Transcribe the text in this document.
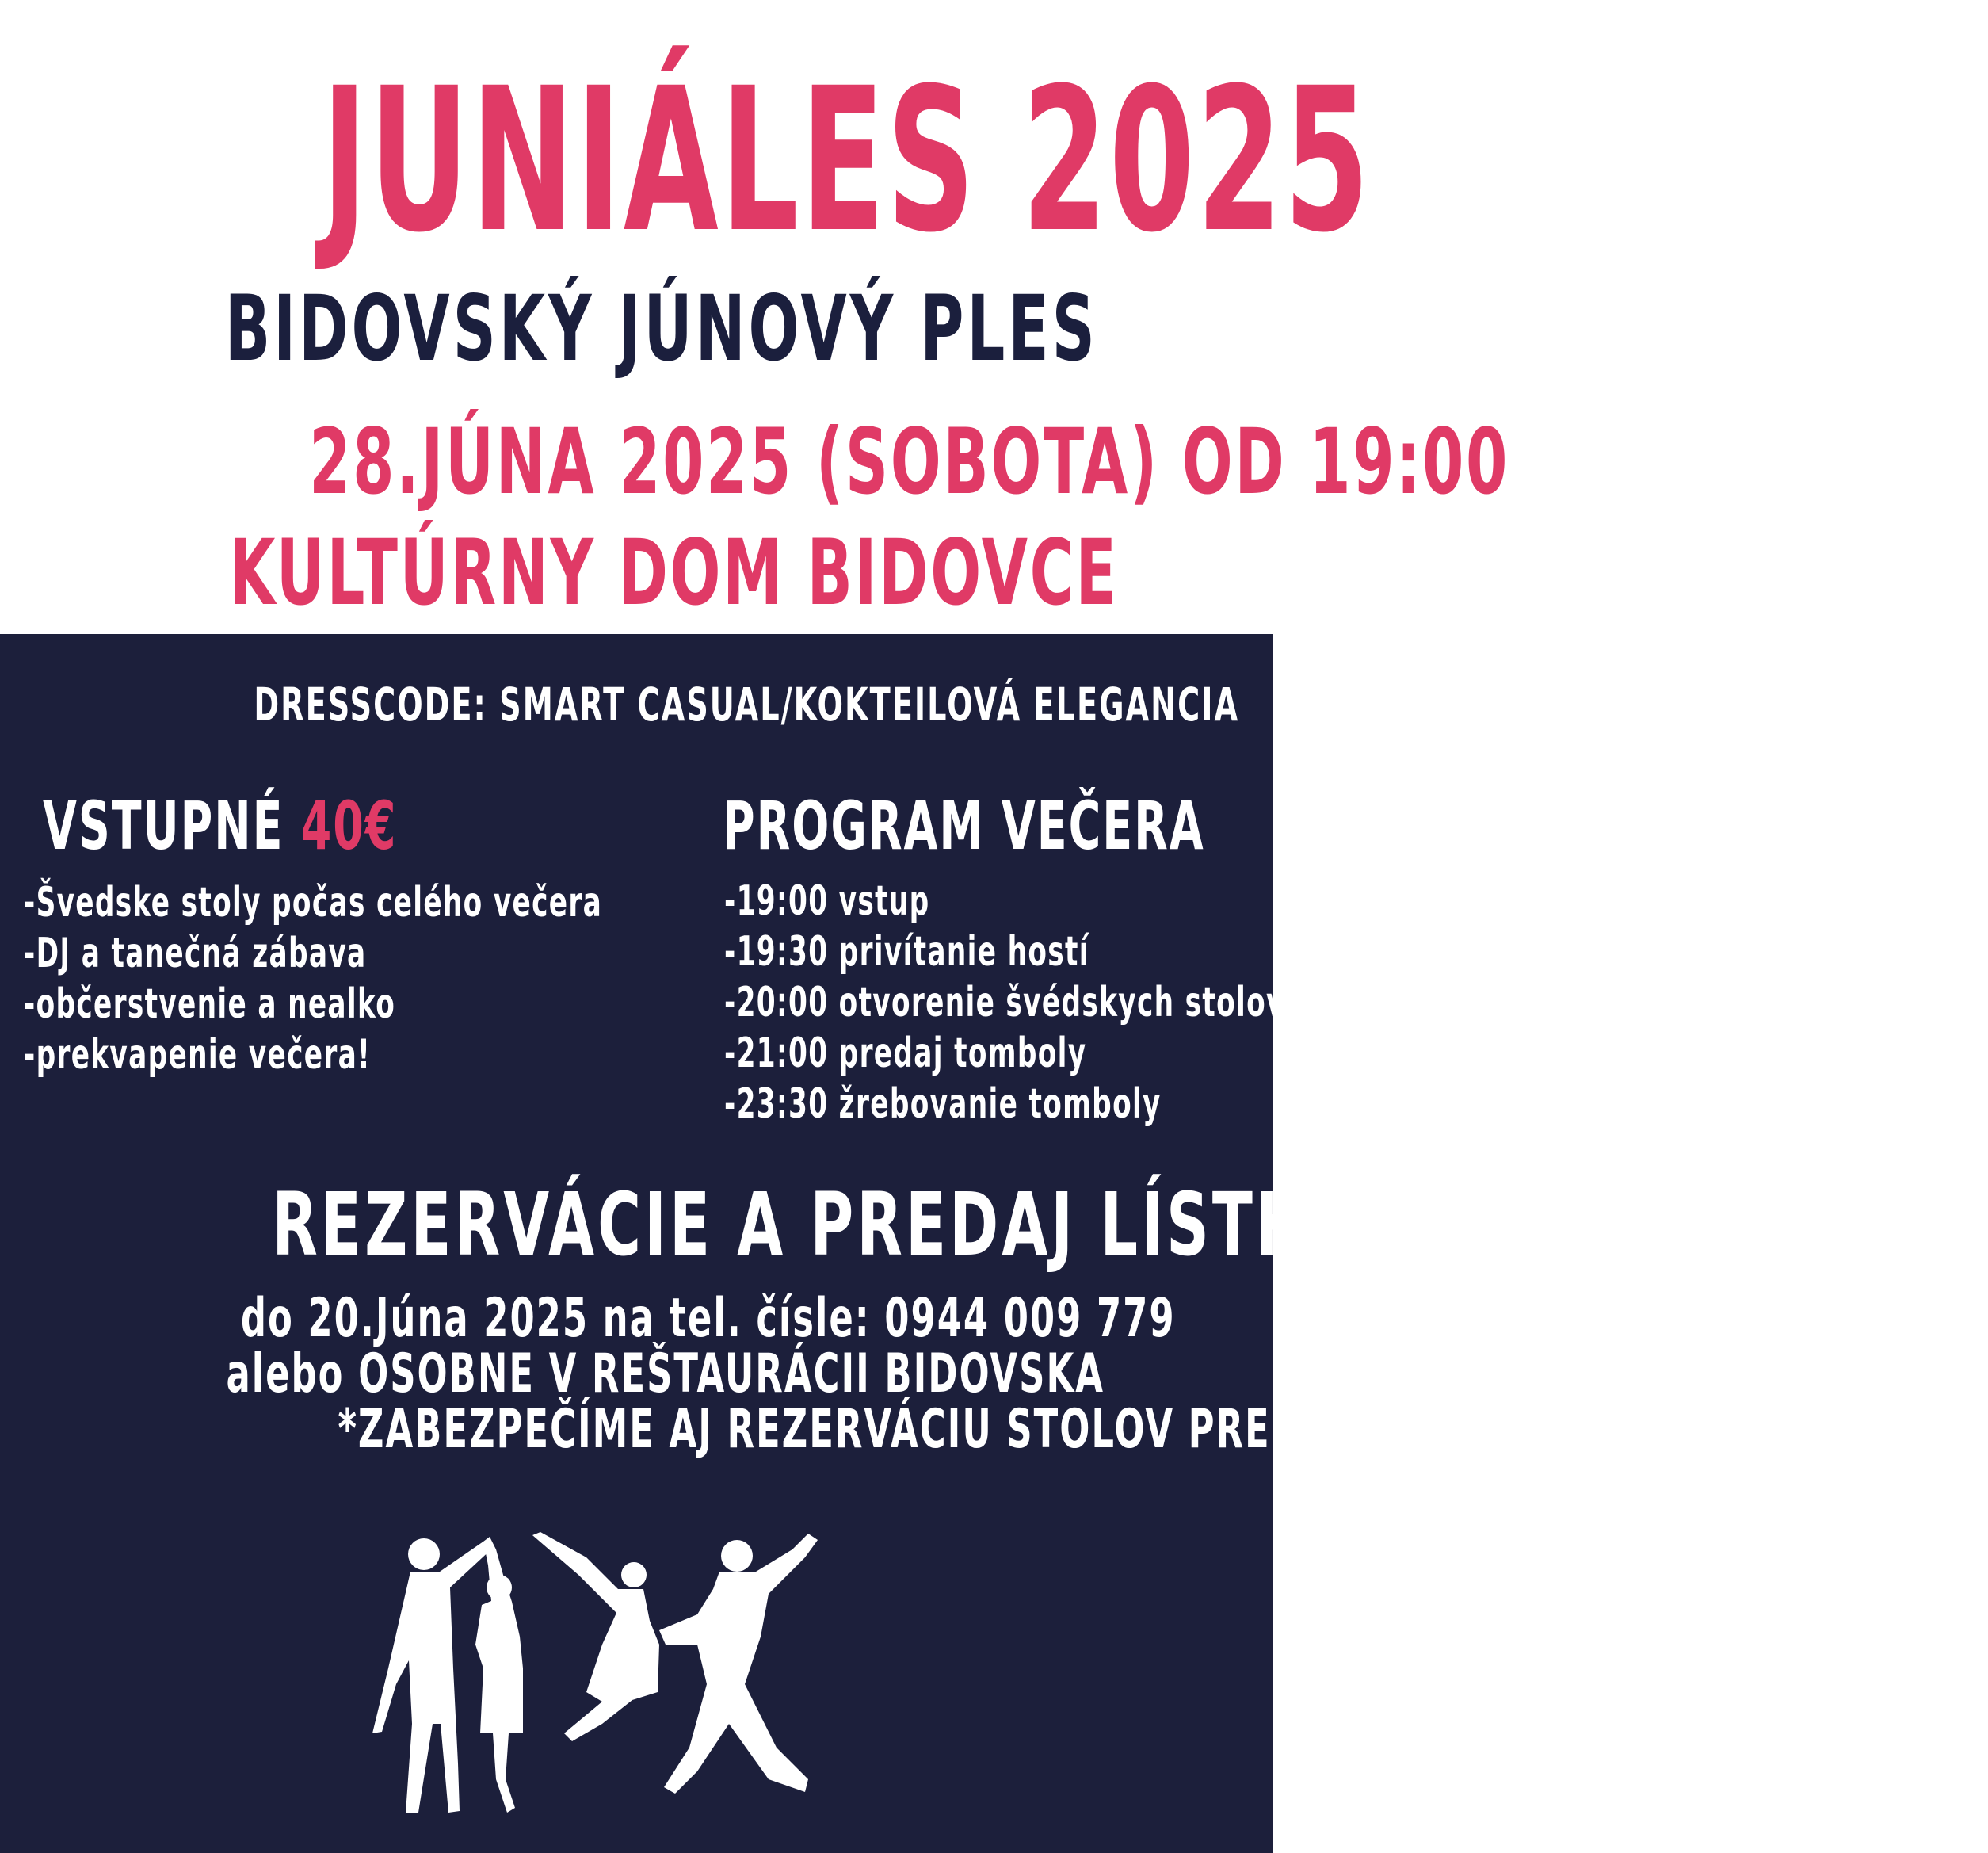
JUNIÁLES 2025
BIDOVSKÝ JÚNOVÝ PLES
28.JÚNA 2025 (SOBOTA) OD 19:00
KULTÚRNY DOM BIDOVCE
DRESSCODE: SMART CASUAL/KOKTEILOVÁ ELEGANCIA
VSTUPNÉ 40€
-Švedske stoly počas celého večera
-DJ a tanečná zábava
-občerstvenie a nealko
-prekvapenie večera!
PROGRAM VEČERA
-19:00 vstup
-19:30 privítanie hostí
-20:00 otvorenie švédskych stolov
-21:00 predaj tomboly
-23:30 žrebovanie tomboly
REZERVÁCIE A PREDAJ LÍSTKOV:
do 20.Júna 2025 na tel. čísle: 0944 009 779
alebo OSOBNE V REŠTAURÁCII BIDOVSKA
*ZABEZPEČÍME AJ REZERVÁCIU STOLOV PRE PARTIE (10 osôb)
